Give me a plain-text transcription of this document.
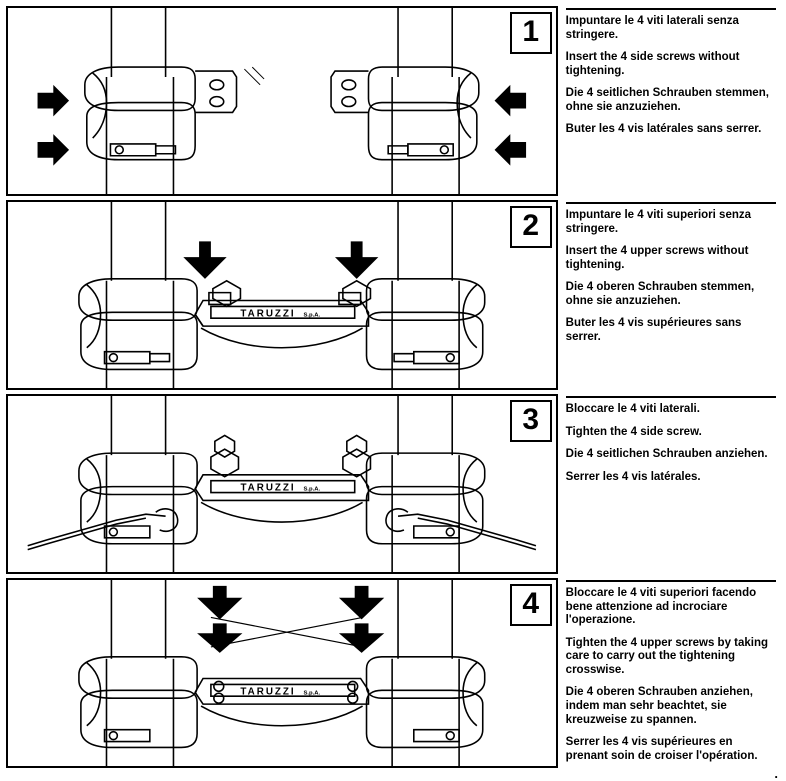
1	Impuntare le 4 viti laterali senza stringere.

Insert the 4 side screws without tightening.

Die 4 seitlichen Schrauben stemmen, ohne sie anzuziehen.

Buter les 4 vis latérales sans serrer.

TARUZZI S.p.A.
2	Impuntare le 4 viti superiori senza stringere.

Insert the 4 upper screws without tightening.

Die 4 oberen Schrauben stemmen, ohne sie anzuziehen.

Buter les 4 vis supérieures sans serrer.

TARUZZI S.p.A.
3	Bloccare le 4 viti laterali.

Tighten the 4 side screw.

Die 4 seitlichen Schrauben anziehen.

Serrer les 4 vis latérales.

TARUZZI S.p.A.
4	Bloccare le 4 viti superiori facendo bene attenzione ad incrociare l'operazione.

Tighten the 4 upper screws by taking care to carry out the tightening crosswise.

Die 4 oberen Schrauben anziehen, indem man sehr beachtet, sie kreuzweise zu spannen.

Serrer les 4 vis supérieures en prenant soin de croiser l'opération.

.
